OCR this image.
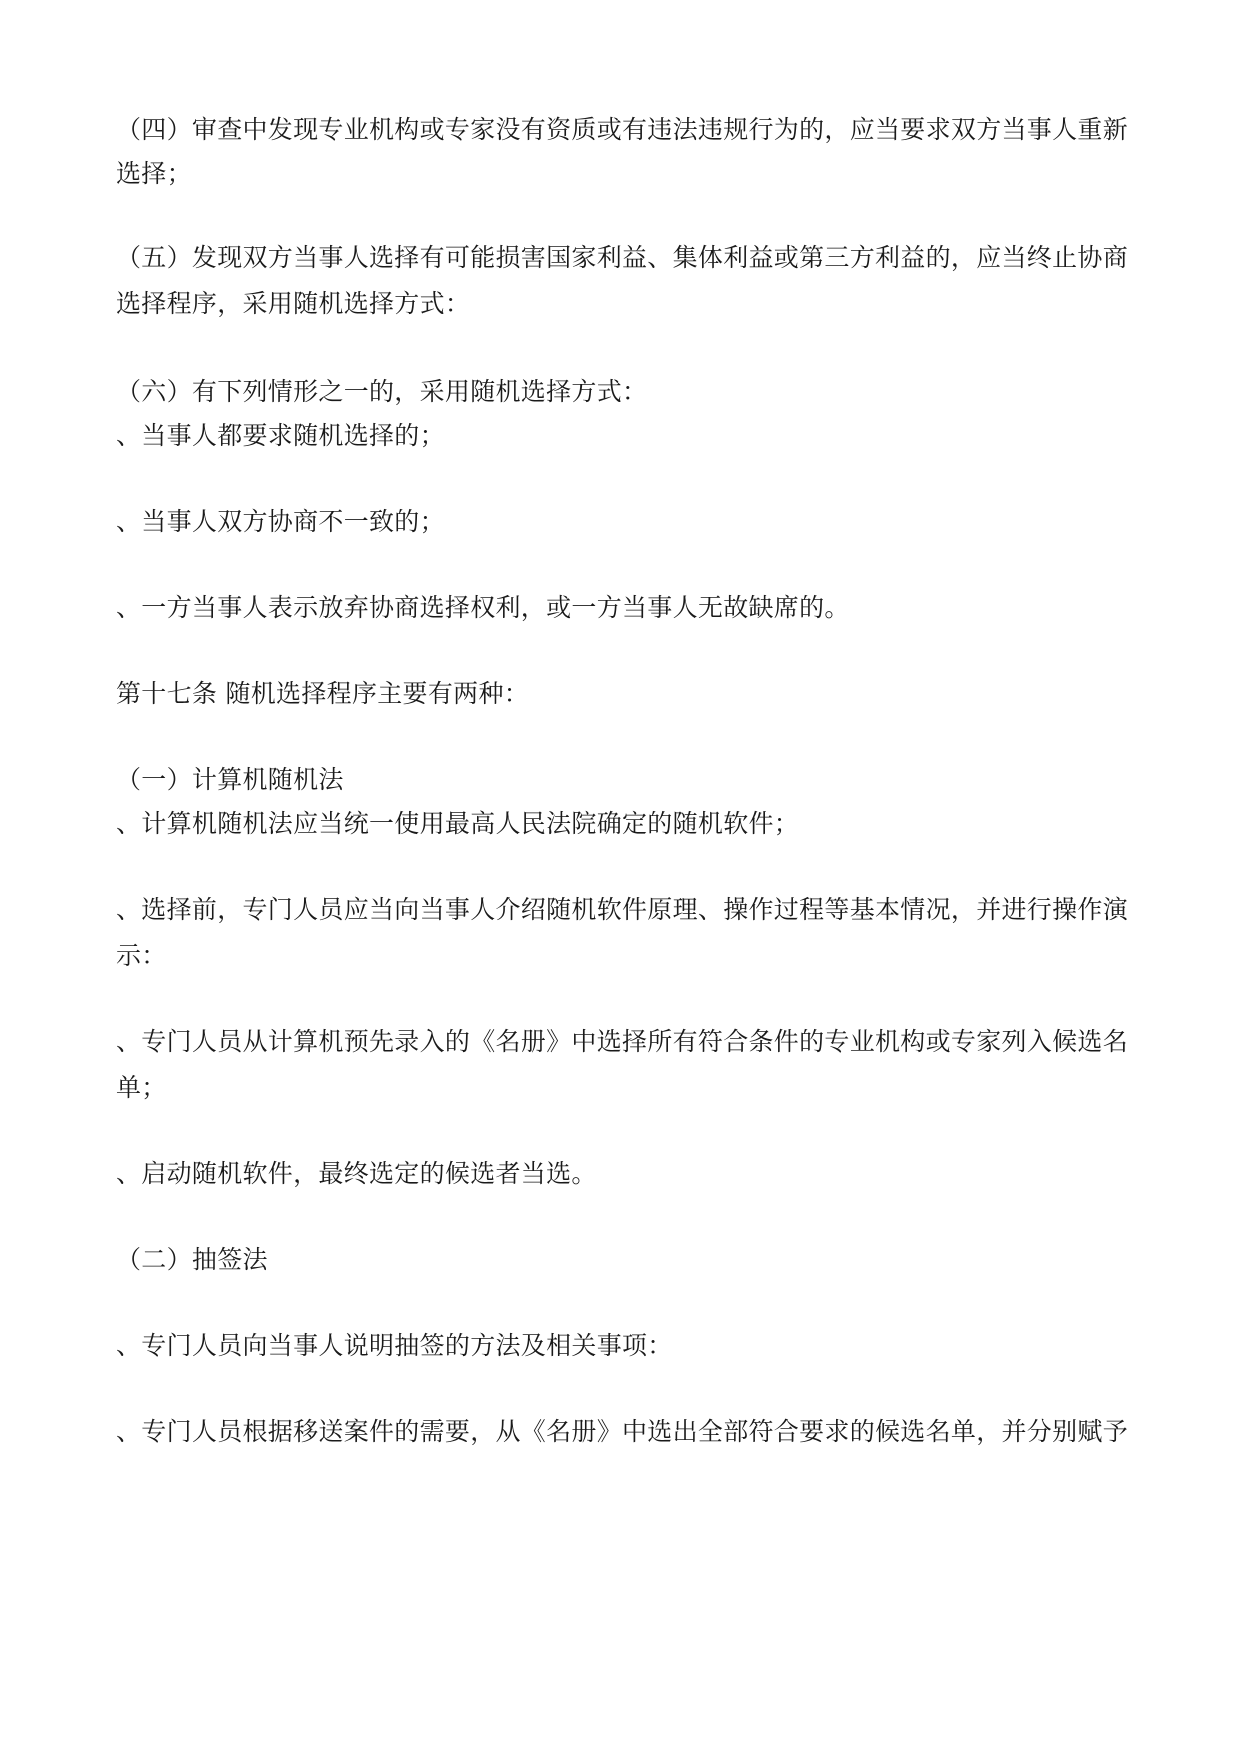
（四）审查中发现专业机构或专家没有资质或有违法违规行为的，应当要求双方当事人重新

选择；

（五）发现双方当事人选择有可能损害国家利益、集体利益或第三方利益的，应当终止协商

选择程序，采用随机选择方式：

（六）有下列情形之一的，采用随机选择方式：

、当事人都要求随机选择的；

、当事人双方协商不一致的；

、一方当事人表示放弃协商选择权利，或一方当事人无故缺席的。

第十七条 随机选择程序主要有两种：

（一）计算机随机法

、计算机随机法应当统一使用最高人民法院确定的随机软件；

、选择前，专门人员应当向当事人介绍随机软件原理、操作过程等基本情况，并进行操作演

示：

、专门人员从计算机预先录入的《名册》中选择所有符合条件的专业机构或专家列入候选名

单；

、启动随机软件，最终选定的候选者当选。

（二）抽签法

、专门人员向当事人说明抽签的方法及相关事项：

、专门人员根据移送案件的需要，从《名册》中选出全部符合要求的候选名单，并分别赋予
